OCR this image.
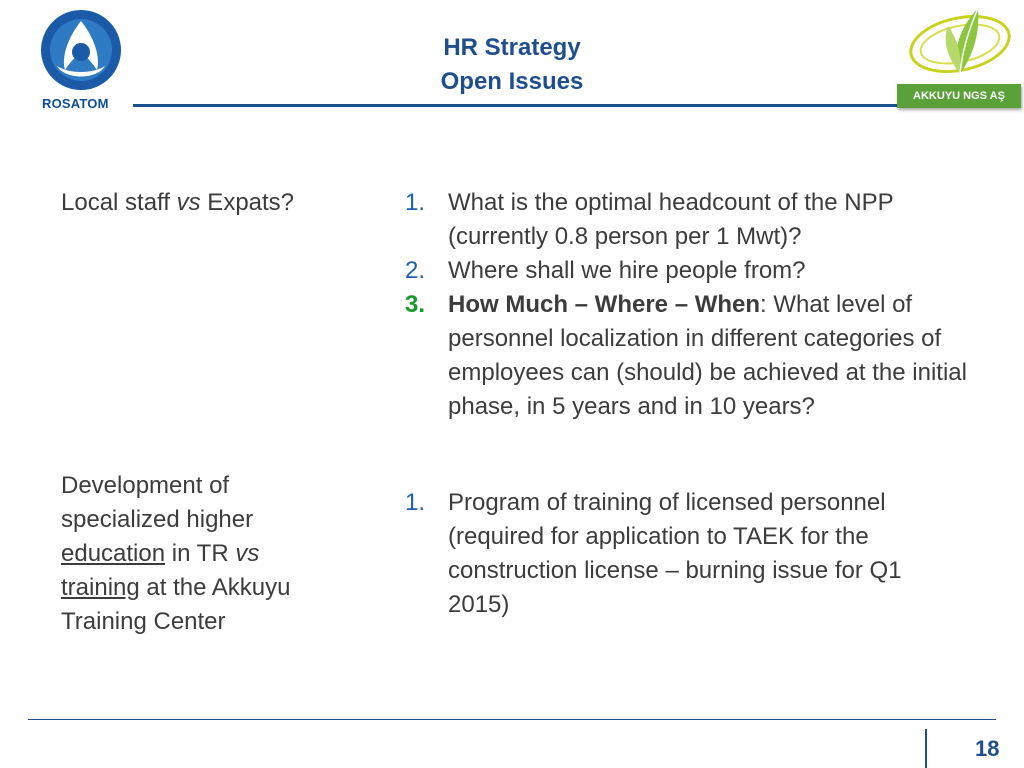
ROSATOM
HR Strategy
Open Issues
AKKUYU NGS AŞ
Local staff vs Expats?	1. What is the optimal headcount of the NPP (currently 0.8 person per 1 Mwt)?
2. Where shall we hire people from?
3. How Much – Where – When: What level of personnel localization in different categories of employees can (should) be achieved at the initial phase, in 5 years and in 10 years?
Development of
specialized higher
education in TR vs
training at the Akkuyu
Training Center
1. Program of training of licensed personnel (required for application to TAEK for the construction license – burning issue for Q1 2015)
18
